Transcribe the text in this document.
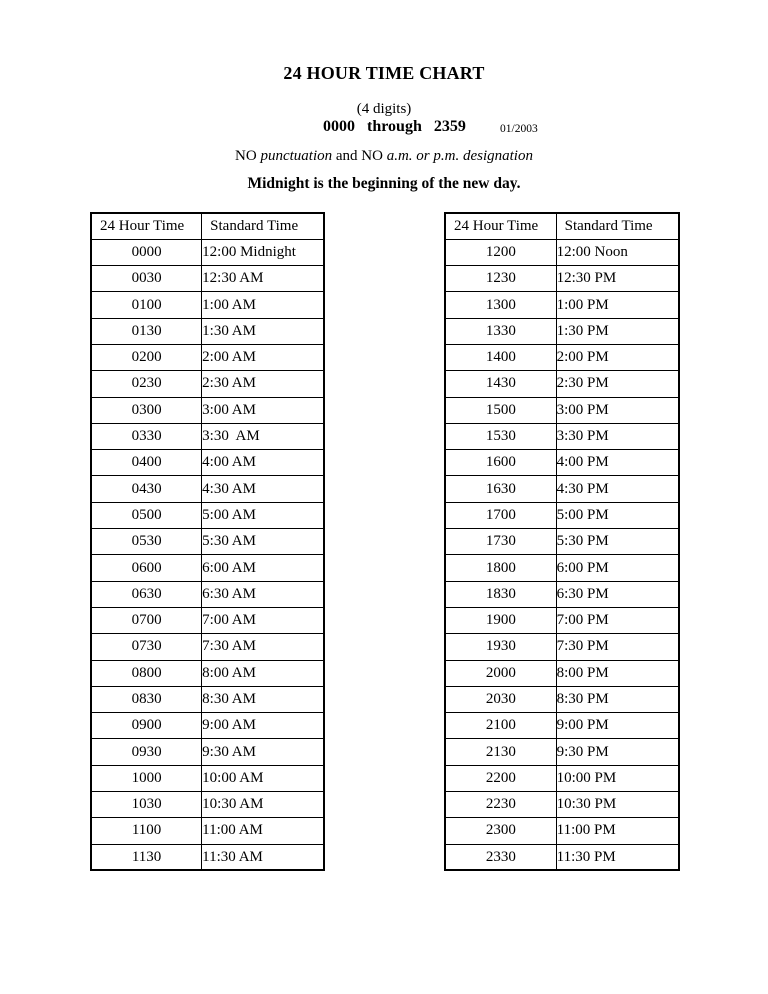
24 HOUR TIME CHART
(4 digits)
0000 through 2359	01/2003
NO punctuation and NO a.m. or p.m. designation
Midnight is the beginning of the new day.
24 Hour Time	Standard Time
0000	12:00 Midnight
0030	12:30 AM
0100	1:00 AM
0130	1:30 AM
0200	2:00 AM
0230	2:30 AM
0300	3:00 AM
0330	3:30  AM
0400	4:00 AM
0430	4:30 AM
0500	5:00 AM
0530	5:30 AM
0600	6:00 AM
0630	6:30 AM
0700	7:00 AM
0730	7:30 AM
0800	8:00 AM
0830	8:30 AM
0900	9:00 AM
0930	9:30 AM
1000	10:00 AM
1030	10:30 AM
1100	11:00 AM
1130	11:30 AM
24 Hour Time	Standard Time
1200	12:00 Noon
1230	12:30 PM
1300	1:00 PM
1330	1:30 PM
1400	2:00 PM
1430	2:30 PM
1500	3:00 PM
1530	3:30 PM
1600	4:00 PM
1630	4:30 PM
1700	5:00 PM
1730	5:30 PM
1800	6:00 PM
1830	6:30 PM
1900	7:00 PM
1930	7:30 PM
2000	8:00 PM
2030	8:30 PM
2100	9:00 PM
2130	9:30 PM
2200	10:00 PM
2230	10:30 PM
2300	11:00 PM
2330	11:30 PM
